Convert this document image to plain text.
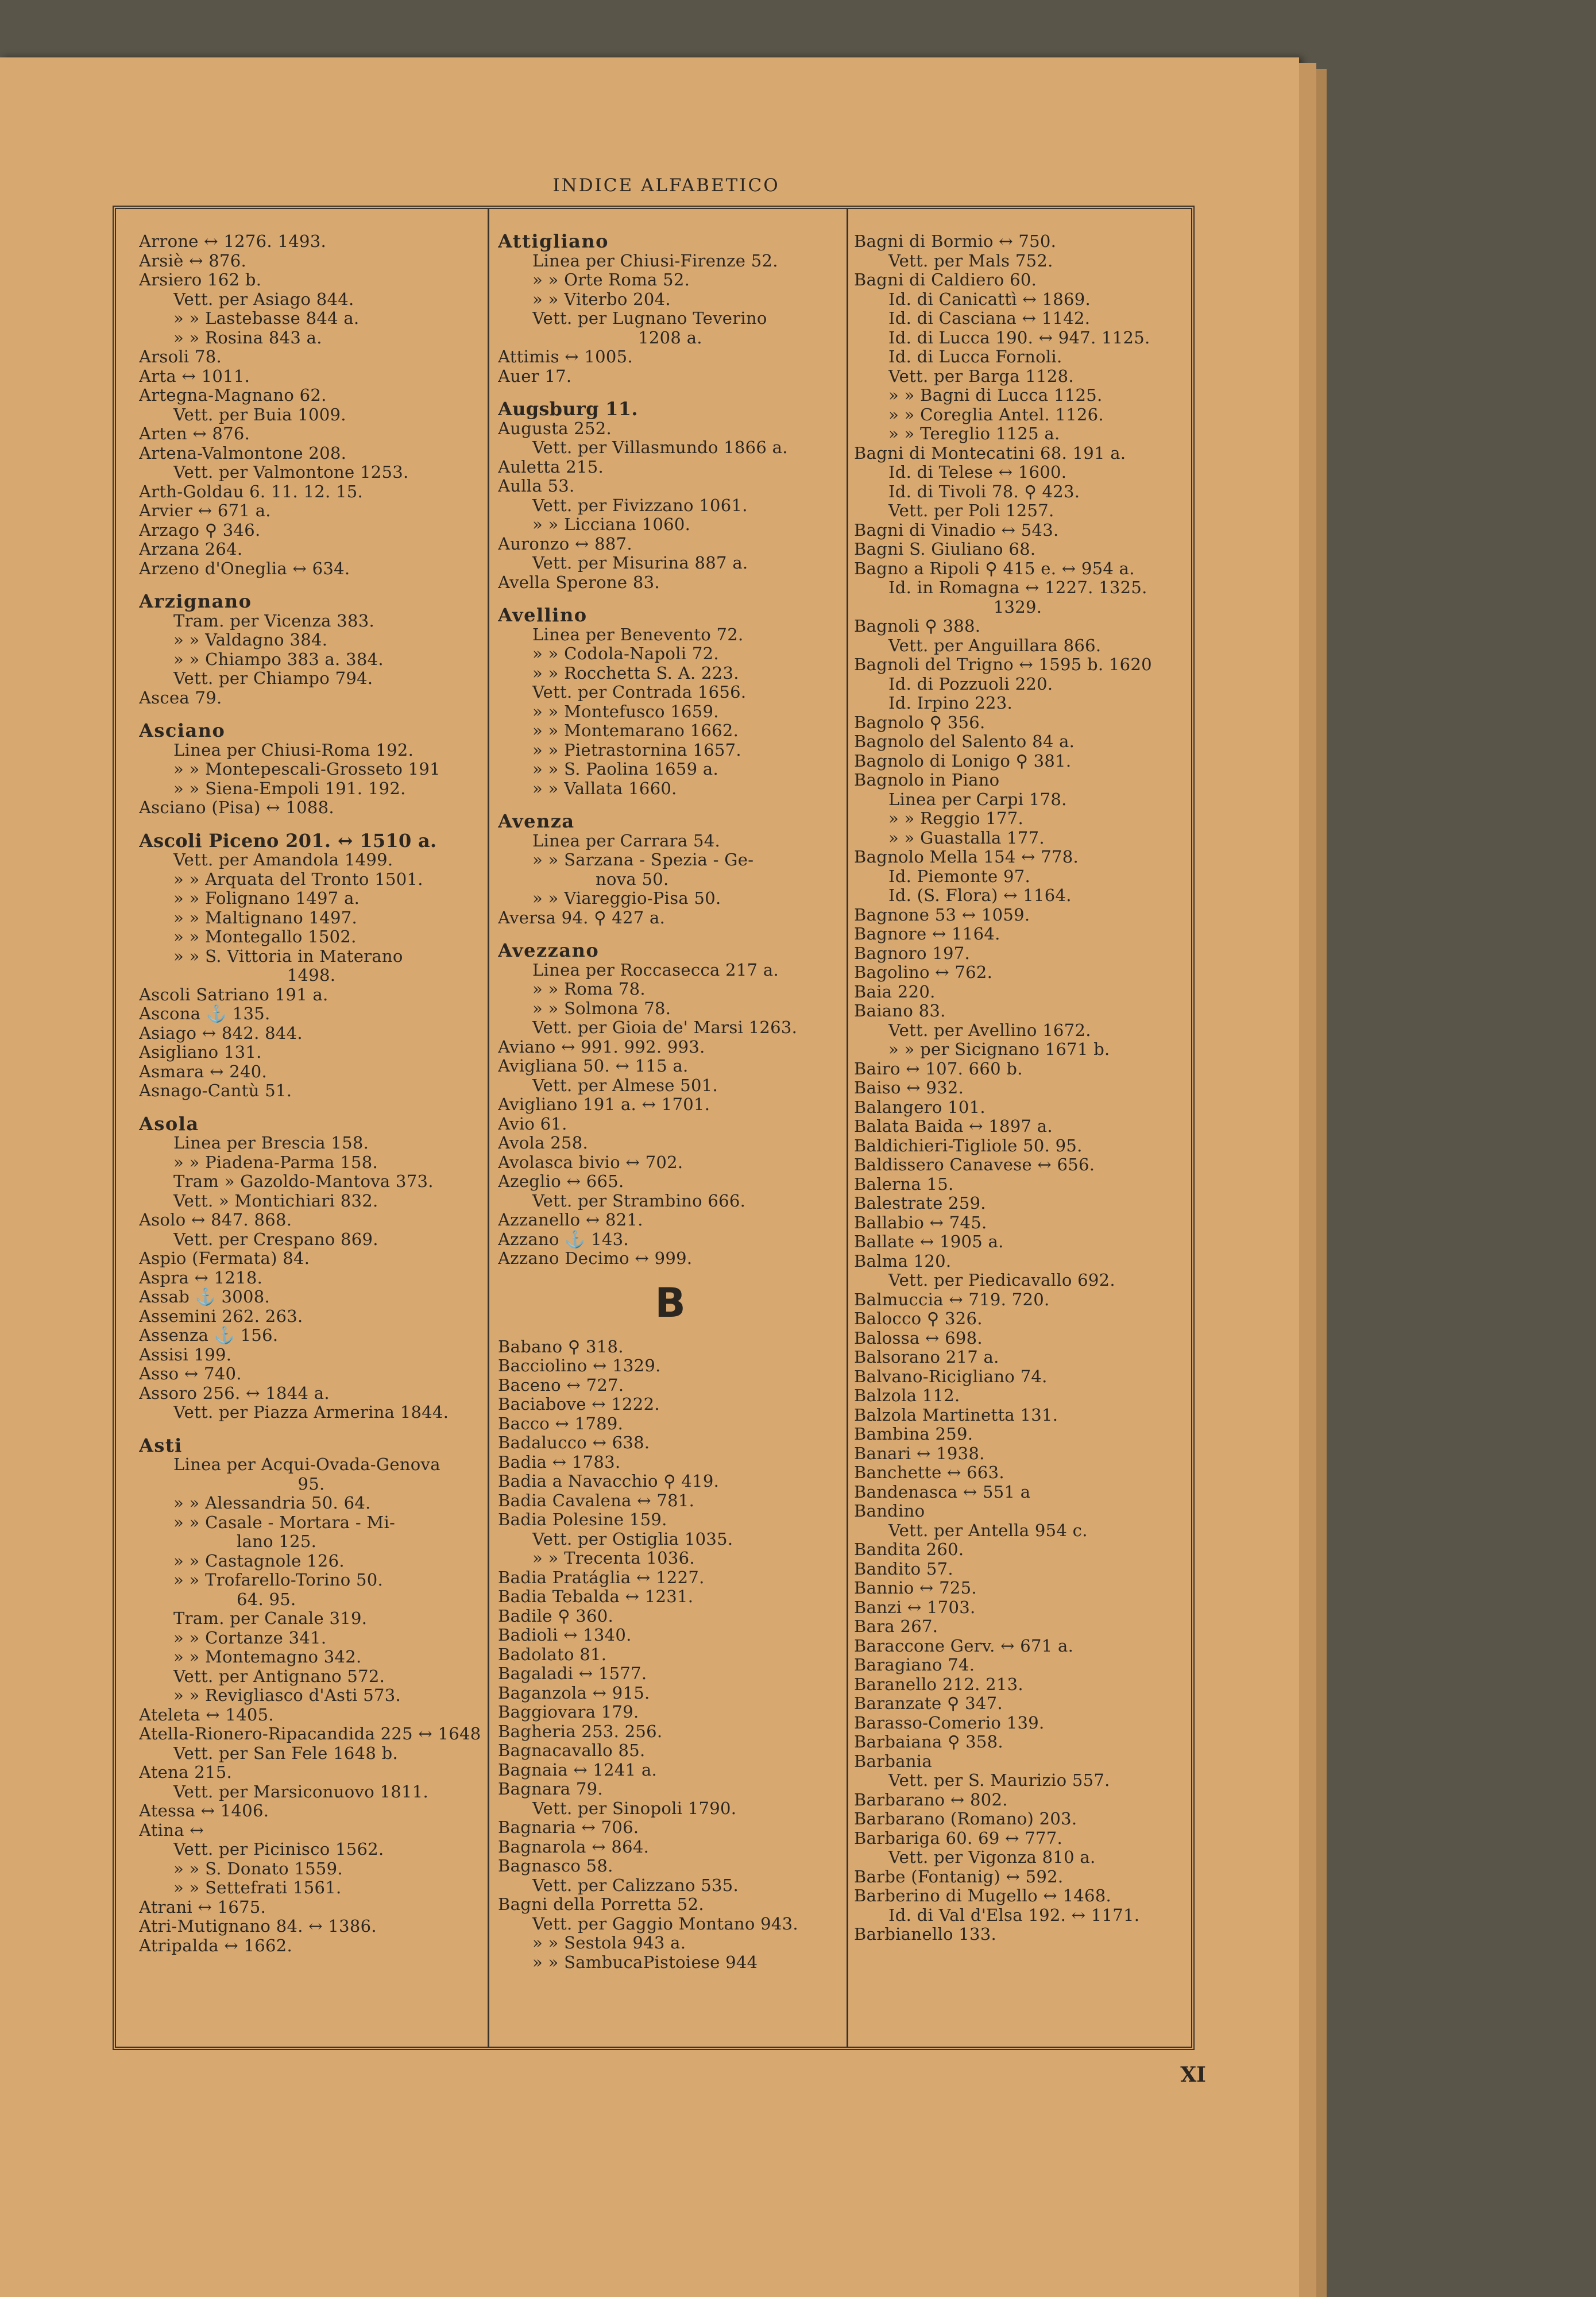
INDICE ALFABETICO
Arrone ↔ 1276. 1493.
Arsiè ↔ 876.
Arsiero 162 b.
Vett. per Asiago 844.
» » Lastebasse 844 a.
» » Rosina 843 a.
Arsoli 78.
Arta ↔ 1011.
Artegna-Magnano 62.
Vett. per Buia 1009.
Arten ↔ 876.
Artena-Valmontone 208.
Vett. per Valmontone 1253.
Arth-Goldau 6. 11. 12. 15.
Arvier ↔ 671 a.
Arzago ⚲ 346.
Arzana 264.
Arzeno d'Oneglia ↔ 634.
Arzignano
Tram. per Vicenza 383.
» » Valdagno 384.
» » Chiampo 383 a. 384.
Vett. per Chiampo 794.
Ascea 79.
Asciano
Linea per Chiusi-Roma 192.
» » Montepescali-Grosseto 191
» » Siena-Empoli 191. 192.
Asciano (Pisa) ↔ 1088.
Ascoli Piceno 201. ↔ 1510 a.
Vett. per Amandola 1499.
» » Arquata del Tronto 1501.
» » Folignano 1497 a.
» » Maltignano 1497.
» » Montegallo 1502.
» » S. Vittoria in Materano
1498.
Ascoli Satriano 191 a.
Ascona ⚓ 135.
Asiago ↔ 842. 844.
Asigliano 131.
Asmara ↔ 240.
Asnago-Cantù 51.
Asola
Linea per Brescia 158.
» » Piadena-Parma 158.
Tram » Gazoldo-Mantova 373.
Vett. » Montichiari 832.
Asolo ↔ 847. 868.
Vett. per Crespano 869.
Aspio (Fermata) 84.
Aspra ↔ 1218.
Assab ⚓ 3008.
Assemini 262. 263.
Assenza ⚓ 156.
Assisi 199.
Asso ↔ 740.
Assoro 256. ↔ 1844 a.
Vett. per Piazza Armerina 1844.
Asti
Linea per Acqui-Ovada-Genova
95.
» » Alessandria 50. 64.
» » Casale - Mortara - Mi-
lano 125.
» » Castagnole 126.
» » Trofarello-Torino 50.
64. 95.
Tram. per Canale 319.
» » Cortanze 341.
» » Montemagno 342.
Vett. per Antignano 572.
» » Revigliasco d'Asti 573.
Ateleta ↔ 1405.
Atella-Rionero-Ripacandida 225 ↔ 1648
Vett. per San Fele 1648 b.
Atena 215.
Vett. per Marsiconuovo 1811.
Atessa ↔ 1406.
Atina ↔
Vett. per Picinisco 1562.
» » S. Donato 1559.
» » Settefrati 1561.
Atrani ↔ 1675.
Atri-Mutignano 84. ↔ 1386.
Atripalda ↔ 1662.
Attigliano
Linea per Chiusi-Firenze 52.
» » Orte Roma 52.
» » Viterbo 204.
Vett. per Lugnano Teverino
1208 a.
Attimis ↔ 1005.
Auer 17.
Augsburg 11.
Augusta 252.
Vett. per Villasmundo 1866 a.
Auletta 215.
Aulla 53.
Vett. per Fivizzano 1061.
» » Licciana 1060.
Auronzo ↔ 887.
Vett. per Misurina 887 a.
Avella Sperone 83.
Avellino
Linea per Benevento 72.
» » Codola-Napoli 72.
» » Rocchetta S. A. 223.
Vett. per Contrada 1656.
» » Montefusco 1659.
» » Montemarano 1662.
» » Pietrastornina 1657.
» » S. Paolina 1659 a.
» » Vallata 1660.
Avenza
Linea per Carrara 54.
» » Sarzana - Spezia - Ge-
nova 50.
» » Viareggio-Pisa 50.
Aversa 94. ⚲ 427 a.
Avezzano
Linea per Roccasecca 217 a.
» » Roma 78.
» » Solmona 78.
Vett. per Gioia de' Marsi 1263.
Aviano ↔ 991. 992. 993.
Avigliana 50. ↔ 115 a.
Vett. per Almese 501.
Avigliano 191 a. ↔ 1701.
Avio 61.
Avola 258.
Avolasca bivio ↔ 702.
Azeglio ↔ 665.
Vett. per Strambino 666.
Azzanello ↔ 821.
Azzano ⚓ 143.
Azzano Decimo ↔ 999.
B
Babano ⚲ 318.
Bacciolino ↔ 1329.
Baceno ↔ 727.
Baciabove ↔ 1222.
Bacco ↔ 1789.
Badalucco ↔ 638.
Badia ↔ 1783.
Badia a Navacchio ⚲ 419.
Badia Cavalena ↔ 781.
Badia Polesine 159.
Vett. per Ostiglia 1035.
» » Trecenta 1036.
Badia Pratáglia ↔ 1227.
Badia Tebalda ↔ 1231.
Badile ⚲ 360.
Badioli ↔ 1340.
Badolato 81.
Bagaladi ↔ 1577.
Baganzola ↔ 915.
Baggiovara 179.
Bagheria 253. 256.
Bagnacavallo 85.
Bagnaia ↔ 1241 a.
Bagnara 79.
Vett. per Sinopoli 1790.
Bagnaria ↔ 706.
Bagnarola ↔ 864.
Bagnasco 58.
Vett. per Calizzano 535.
Bagni della Porretta 52.
Vett. per Gaggio Montano 943.
» » Sestola 943 a.
» » SambucaPistoiese 944
Bagni di Bormio ↔ 750.
Vett. per Mals 752.
Bagni di Caldiero 60.
Id. di Canicattì ↔ 1869.
Id. di Casciana ↔ 1142.
Id. di Lucca 190. ↔ 947. 1125.
Id. di Lucca Fornoli.
Vett. per Barga 1128.
» » Bagni di Lucca 1125.
» » Coreglia Antel. 1126.
» » Tereglio 1125 a.
Bagni di Montecatini 68. 191 a.
Id. di Telese ↔ 1600.
Id. di Tivoli 78. ⚲ 423.
Vett. per Poli 1257.
Bagni di Vinadio ↔ 543.
Bagni S. Giuliano 68.
Bagno a Ripoli ⚲ 415 e. ↔ 954 a.
Id. in Romagna ↔ 1227. 1325.
1329.
Bagnoli ⚲ 388.
Vett. per Anguillara 866.
Bagnoli del Trigno ↔ 1595 b. 1620
Id. di Pozzuoli 220.
Id. Irpino 223.
Bagnolo ⚲ 356.
Bagnolo del Salento 84 a.
Bagnolo di Lonigo ⚲ 381.
Bagnolo in Piano
Linea per Carpi 178.
» » Reggio 177.
» » Guastalla 177.
Bagnolo Mella 154 ↔ 778.
Id. Piemonte 97.
Id. (S. Flora) ↔ 1164.
Bagnone 53 ↔ 1059.
Bagnore ↔ 1164.
Bagnoro 197.
Bagolino ↔ 762.
Baia 220.
Baiano 83.
Vett. per Avellino 1672.
» » per Sicignano 1671 b.
Bairo ↔ 107. 660 b.
Baiso ↔ 932.
Balangero 101.
Balata Baida ↔ 1897 a.
Baldichieri-Tigliole 50. 95.
Baldissero Canavese ↔ 656.
Balerna 15.
Balestrate 259.
Ballabio ↔ 745.
Ballate ↔ 1905 a.
Balma 120.
Vett. per Piedicavallo 692.
Balmuccia ↔ 719. 720.
Balocco ⚲ 326.
Balossa ↔ 698.
Balsorano 217 a.
Balvano-Ricigliano 74.
Balzola 112.
Balzola Martinetta 131.
Bambina 259.
Banari ↔ 1938.
Banchette ↔ 663.
Bandenasca ↔ 551 a
Bandino
Vett. per Antella 954 c.
Bandita 260.
Bandito 57.
Bannio ↔ 725.
Banzi ↔ 1703.
Bara 267.
Baraccone Gerv. ↔ 671 a.
Baragiano 74.
Baranello 212. 213.
Baranzate ⚲ 347.
Barasso-Comerio 139.
Barbaiana ⚲ 358.
Barbania
Vett. per S. Maurizio 557.
Barbarano ↔ 802.
Barbarano (Romano) 203.
Barbariga 60. 69 ↔ 777.
Vett. per Vigonza 810 a.
Barbe (Fontanig) ↔ 592.
Barberino di Mugello ↔ 1468.
Id. di Val d'Elsa 192. ↔ 1171.
Barbianello 133.
XI
